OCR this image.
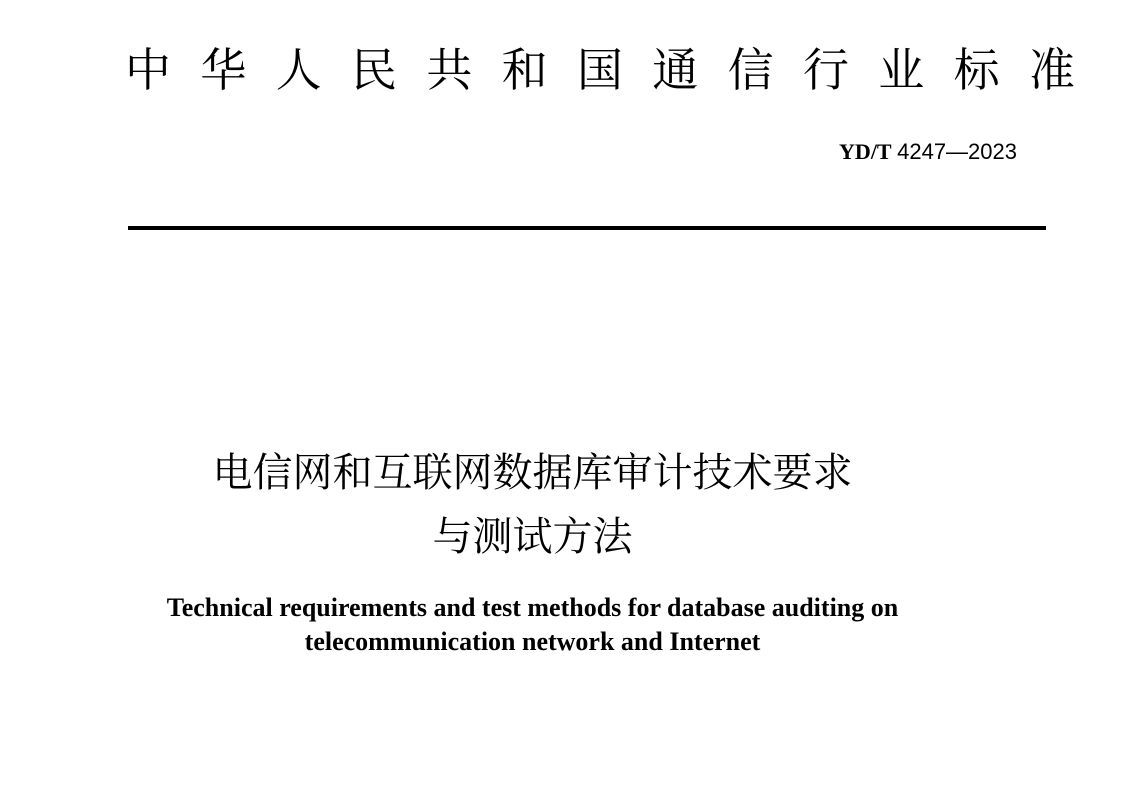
中 华 人 民 共 和 国 通 信 行 业 标 准
YD/T 4247—2023
电信网和互联网数据库审计技术要求
与测试方法
Technical requirements and test methods for database auditing on
telecommunication network and Internet
